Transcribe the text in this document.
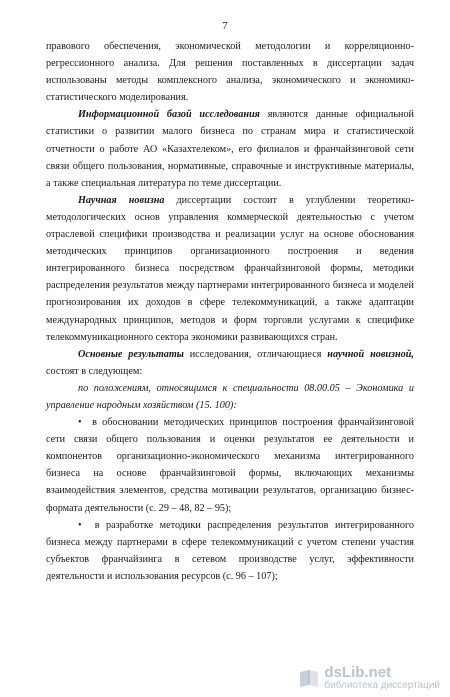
7

правового обеспечения, экономической методологии и корреляционно-регрессионного анализа. Для решения поставленных в диссертации задач использованы методы комплексного анализа, экономического и экономико-статистического моделирования.

Информационной базой исследования являются данные официальной статистики о развитии малого бизнеса по странам мира и статистической отчетности о работе АО «Казахтелеком», его филиалов и франчайзинговой сети связи общего пользования, нормативные, справочные и инструктивные материалы, а также специальная литература по теме диссертации.

Научная новизна диссертации состоит в углублении теоретико-методологических основ управления коммерческой деятельностью с учетом отраслевой специфики производства и реализации услуг на основе обоснования методических принципов организационного построения и ведения интегрированного бизнеса посредством франчайзинговой формы, методики распределения результатов между партнерами интегрированного бизнеса и моделей прогнозирования их доходов в сфере телекоммуникаций, а также адаптации международных принципов, методов и форм торговли услугами к специфике телекоммуникационного сектора экономики развивающихся стран.

Основные результаты исследования, отличающиеся научной новизной, состоят в следующем:

по положениям, относящимся к специальности 08.00.05 – Экономика и управление народным хозяйством (15. 100):

• в обосновании методических принципов построения франчайзинговой сети связи общего пользования и оценки результатов ее деятельности и компонентов организационно-экономического механизма интегрированного бизнеса на основе франчайзинговой формы, включающих механизмы взаимодействия элементов, средства мотивации результатов, организацию бизнес-формата деятельности (с. 29 – 48, 82 – 95);

• в разработке методики распределения результатов интегрированного бизнеса между партнерами в сфере телекоммуникаций с учетом степени участия субъектов франчайзинга в сетевом производстве услуг, эффективности деятельности и использования ресурсов (с. 96 – 107);

dsLib.net
библиотека диссертаций
